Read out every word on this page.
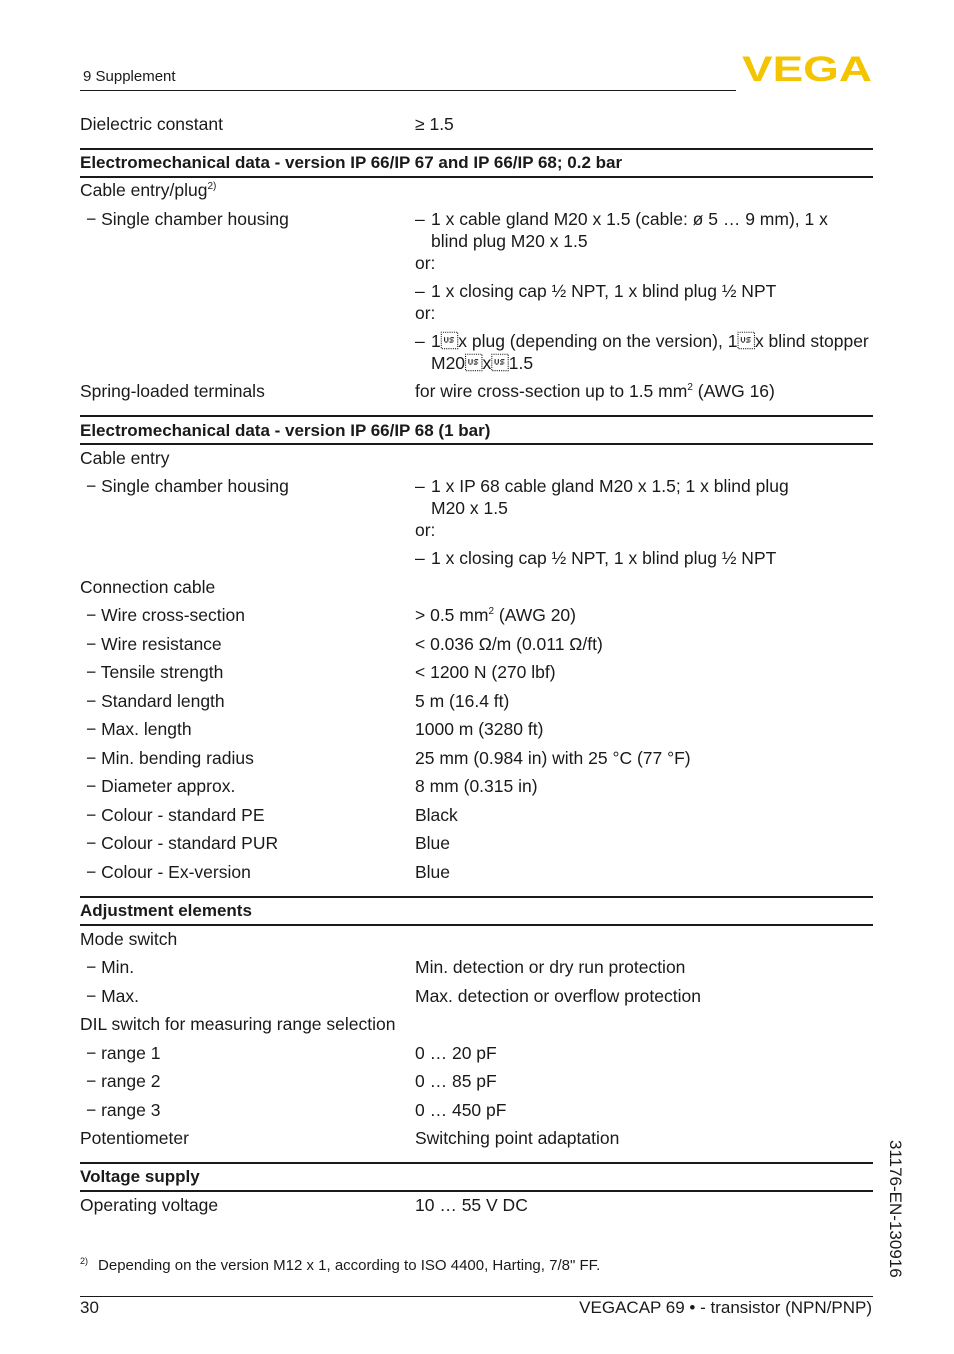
9 Supplement	VEGA
Dielectric constant	≥ 1.5
Electromechanical data - version IP 66/IP 67 and IP 66/IP 68; 0.2 bar
Cable entry/plug$^{2)}$
− Single chamber housing	– 1 x cable gland M20 x 1.5 (cable: ø 5 … 9 mm), 1 x
blind plug M20 x 1.5
or:
– 1 x closing cap ½ NPT, 1 x blind plug ½ NPT
or:
– 1x plug (depending on the version), 1x blind stopper
M20x1.5
Spring-loaded terminals	for wire cross-section up to 1.5 $mm^2$ (AWG 16)
Electromechanical data - version IP 66/IP 68 (1 bar)
Cable entry
− Single chamber housing	– 1 x IP 68 cable gland M20 x 1.5; 1 x blind plug
M20 x 1.5
or:
– 1 x closing cap ½ NPT, 1 x blind plug ½ NPT
Connection cable
− Wire cross-section	> 0.5 $mm^2$ (AWG 20)
− Wire resistance	< 0.036 Ω/m (0.011 Ω/ft)
− Tensile strength	< 1200 N (270 lbf)
− Standard length	5 m (16.4 ft)
− Max. length	1000 m (3280 ft)
− Min. bending radius	25 mm (0.984 in) with 25 °C (77 °F)
− Diameter approx.	8 mm (0.315 in)
− Colour - standard PE	Black
− Colour - standard PUR	Blue
− Colour - Ex-version	Blue
Adjustment elements
Mode switch
− Min.	Min. detection or dry run protection
− Max.	Max. detection or overflow protection
DIL switch for measuring range selection
− range 1	0 … 20 pF
− range 2	0 … 85 pF
− range 3	0 … 450 pF
Potentiometer	Switching point adaptation
Voltage supply
Operating voltage	10 … 55 V DC
$^{2)}$ Depending on the version M12 x 1, according to ISO 4400, Harting, 7/8" FF.	31176-EN-130916
30	VEGACAP 69 • - transistor (NPN/PNP)
